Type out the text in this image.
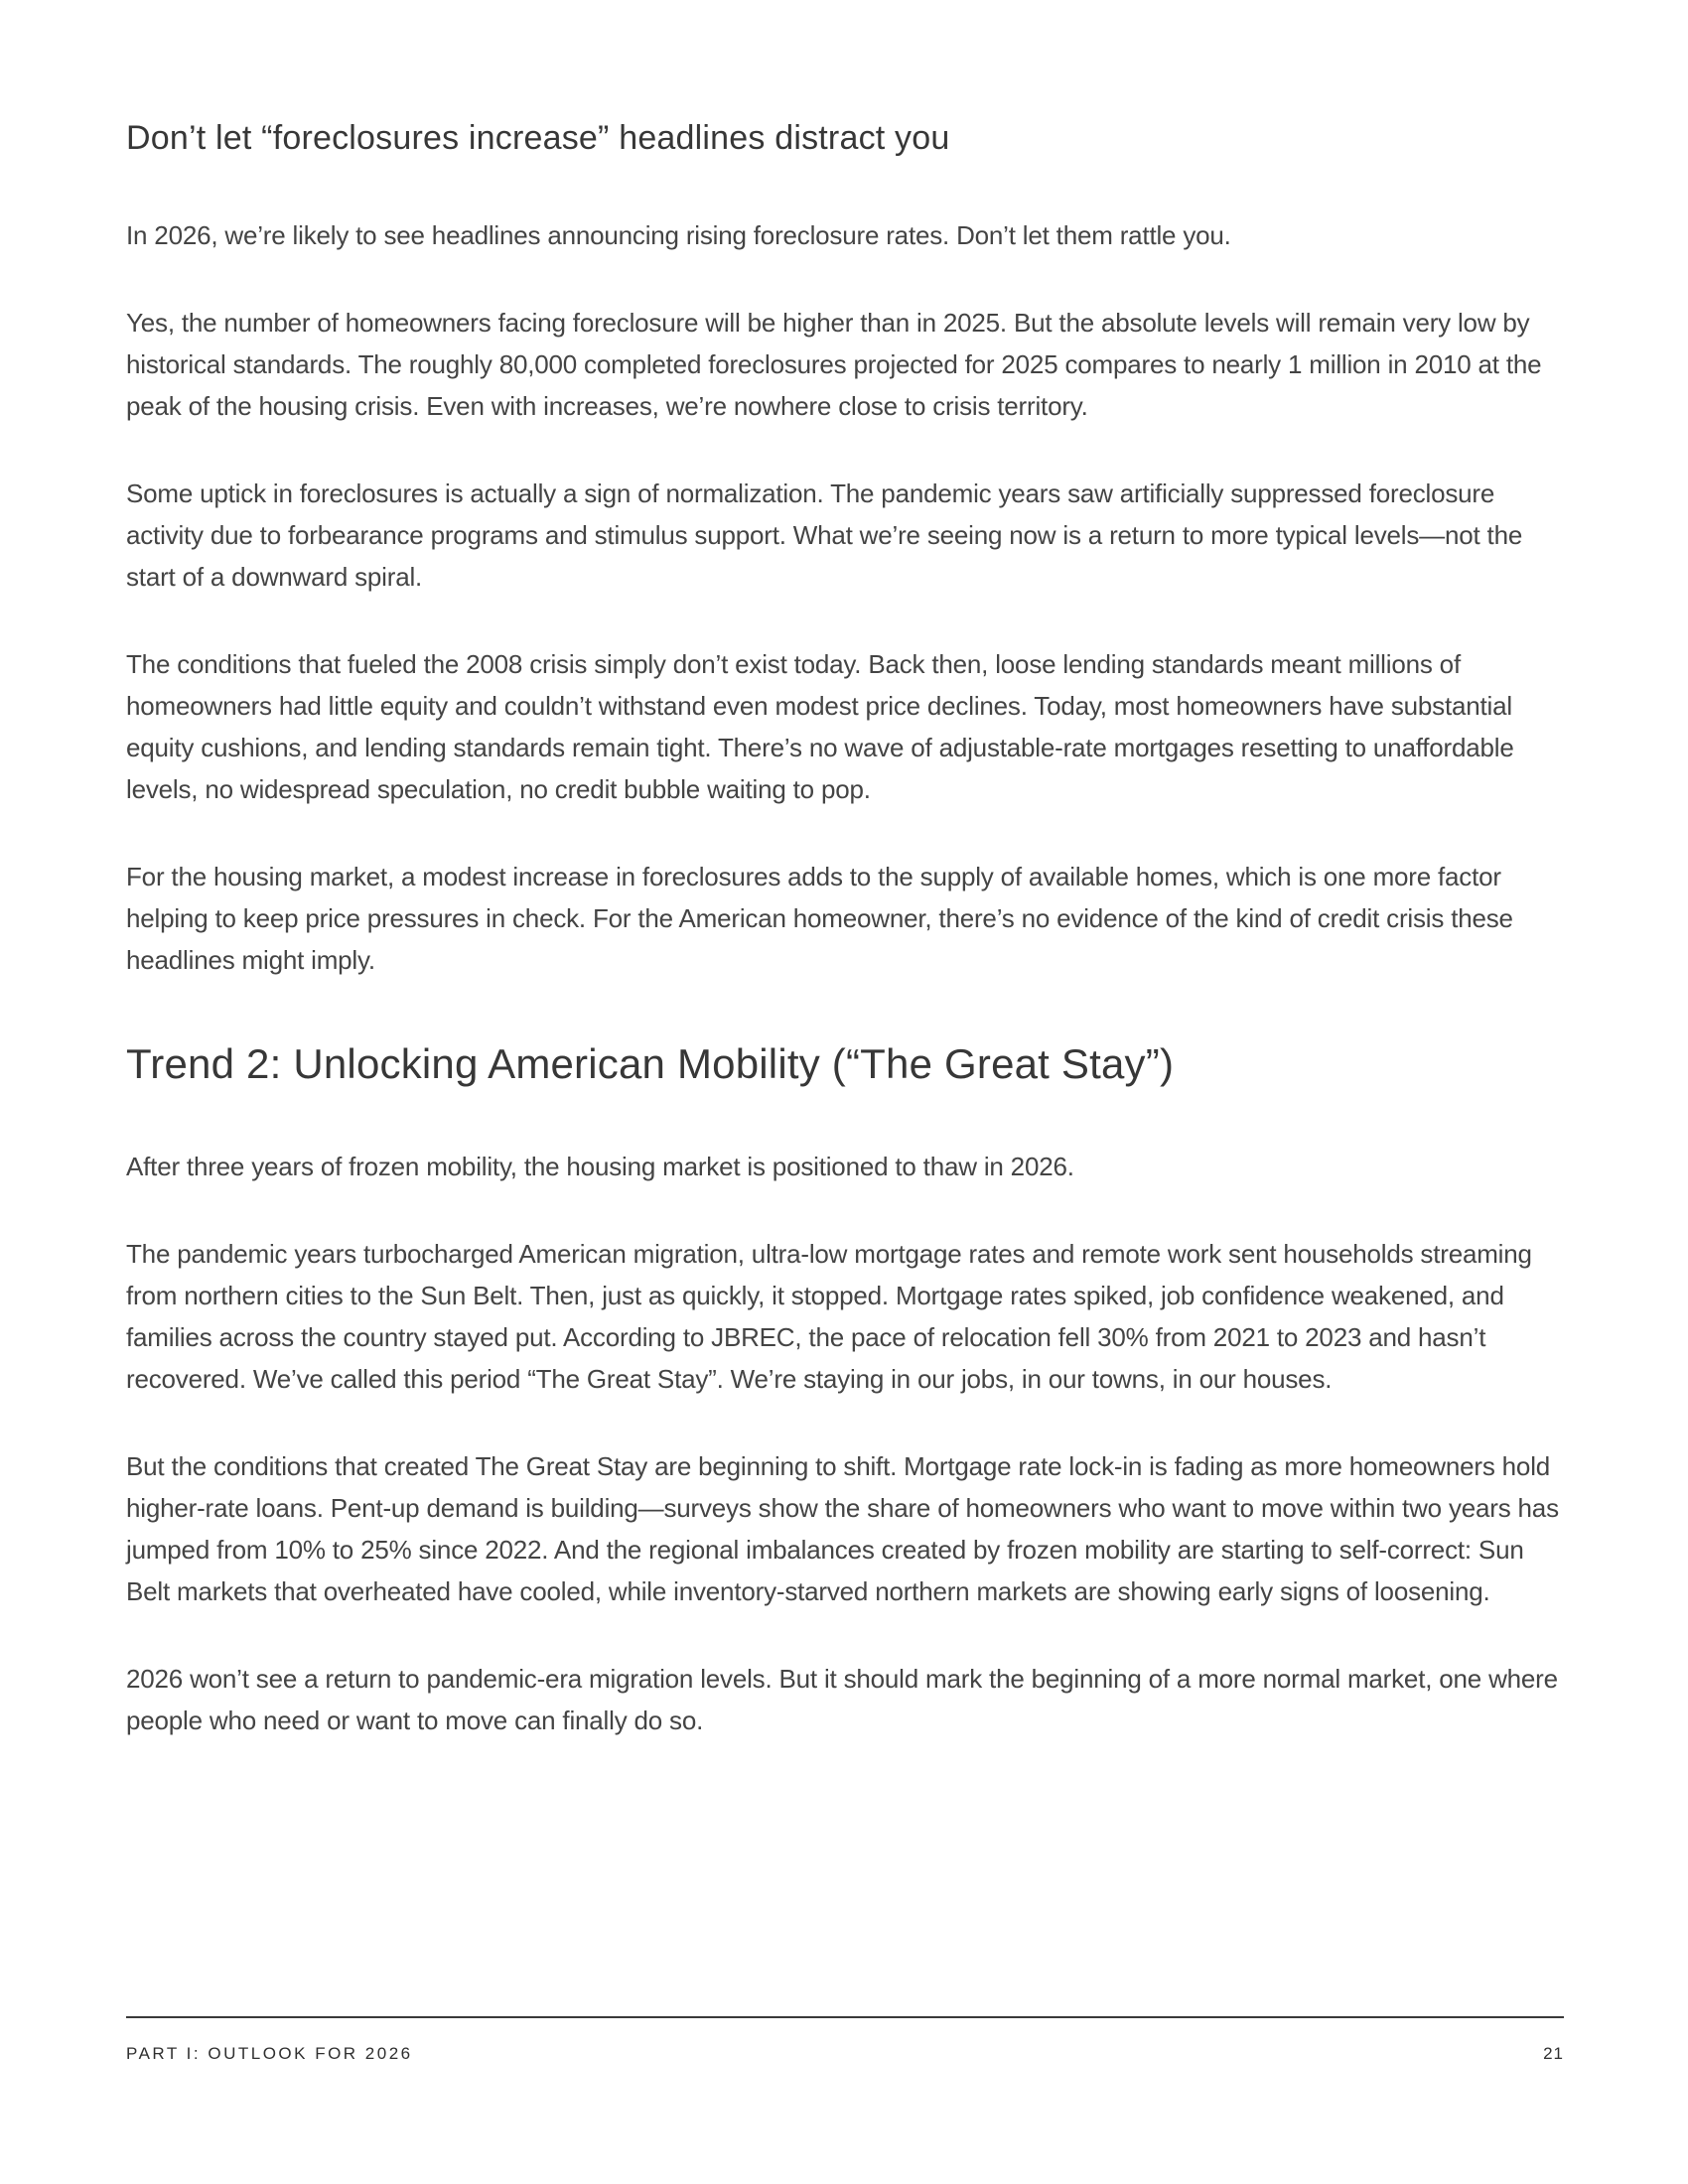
Don’t let “foreclosures increase” headlines distract you

In 2026, we’re likely to see headlines announcing rising foreclosure rates. Don’t let them rattle you.

Yes, the number of homeowners facing foreclosure will be higher than in 2025. But the absolute levels will remain very low by historical standards. The roughly 80,000 completed foreclosures projected for 2025 compares to nearly 1 million in 2010 at the peak of the housing crisis. Even with increases, we’re nowhere close to crisis territory.

Some uptick in foreclosures is actually a sign of normalization. The pandemic years saw artificially suppressed foreclosure activity due to forbearance programs and stimulus support. What we’re seeing now is a return to more typical levels—not the start of a downward spiral.

The conditions that fueled the 2008 crisis simply don’t exist today. Back then, loose lending standards meant millions of homeowners had little equity and couldn’t withstand even modest price declines. Today, most homeowners have substantial equity cushions, and lending standards remain tight. There’s no wave of adjustable-rate mortgages resetting to unaffordable levels, no widespread speculation, no credit bubble waiting to pop.

For the housing market, a modest increase in foreclosures adds to the supply of available homes, which is one more factor helping to keep price pressures in check. For the American homeowner, there’s no evidence of the kind of credit crisis these headlines might imply.

Trend 2: Unlocking American Mobility (“The Great Stay”)

After three years of frozen mobility, the housing market is positioned to thaw in 2026.

The pandemic years turbocharged American migration, ultra-low mortgage rates and remote work sent households streaming from northern cities to the Sun Belt. Then, just as quickly, it stopped. Mortgage rates spiked, job confidence weakened, and families across the country stayed put. According to JBREC, the pace of relocation fell 30% from 2021 to 2023 and hasn’t recovered. We’ve called this period “The Great Stay”. We’re staying in our jobs, in our towns, in our houses.

But the conditions that created The Great Stay are beginning to shift. Mortgage rate lock-in is fading as more homeowners hold higher-rate loans. Pent-up demand is building—surveys show the share of homeowners who want to move within two years has jumped from 10% to 25% since 2022. And the regional imbalances created by frozen mobility are starting to self-correct: Sun Belt markets that overheated have cooled, while inventory-starved northern markets are showing early signs of loosening.

2026 won’t see a return to pandemic-era migration levels. But it should mark the beginning of a more normal market, one where people who need or want to move can finally do so.

PART I: OUTLOOK FOR 2026	21
